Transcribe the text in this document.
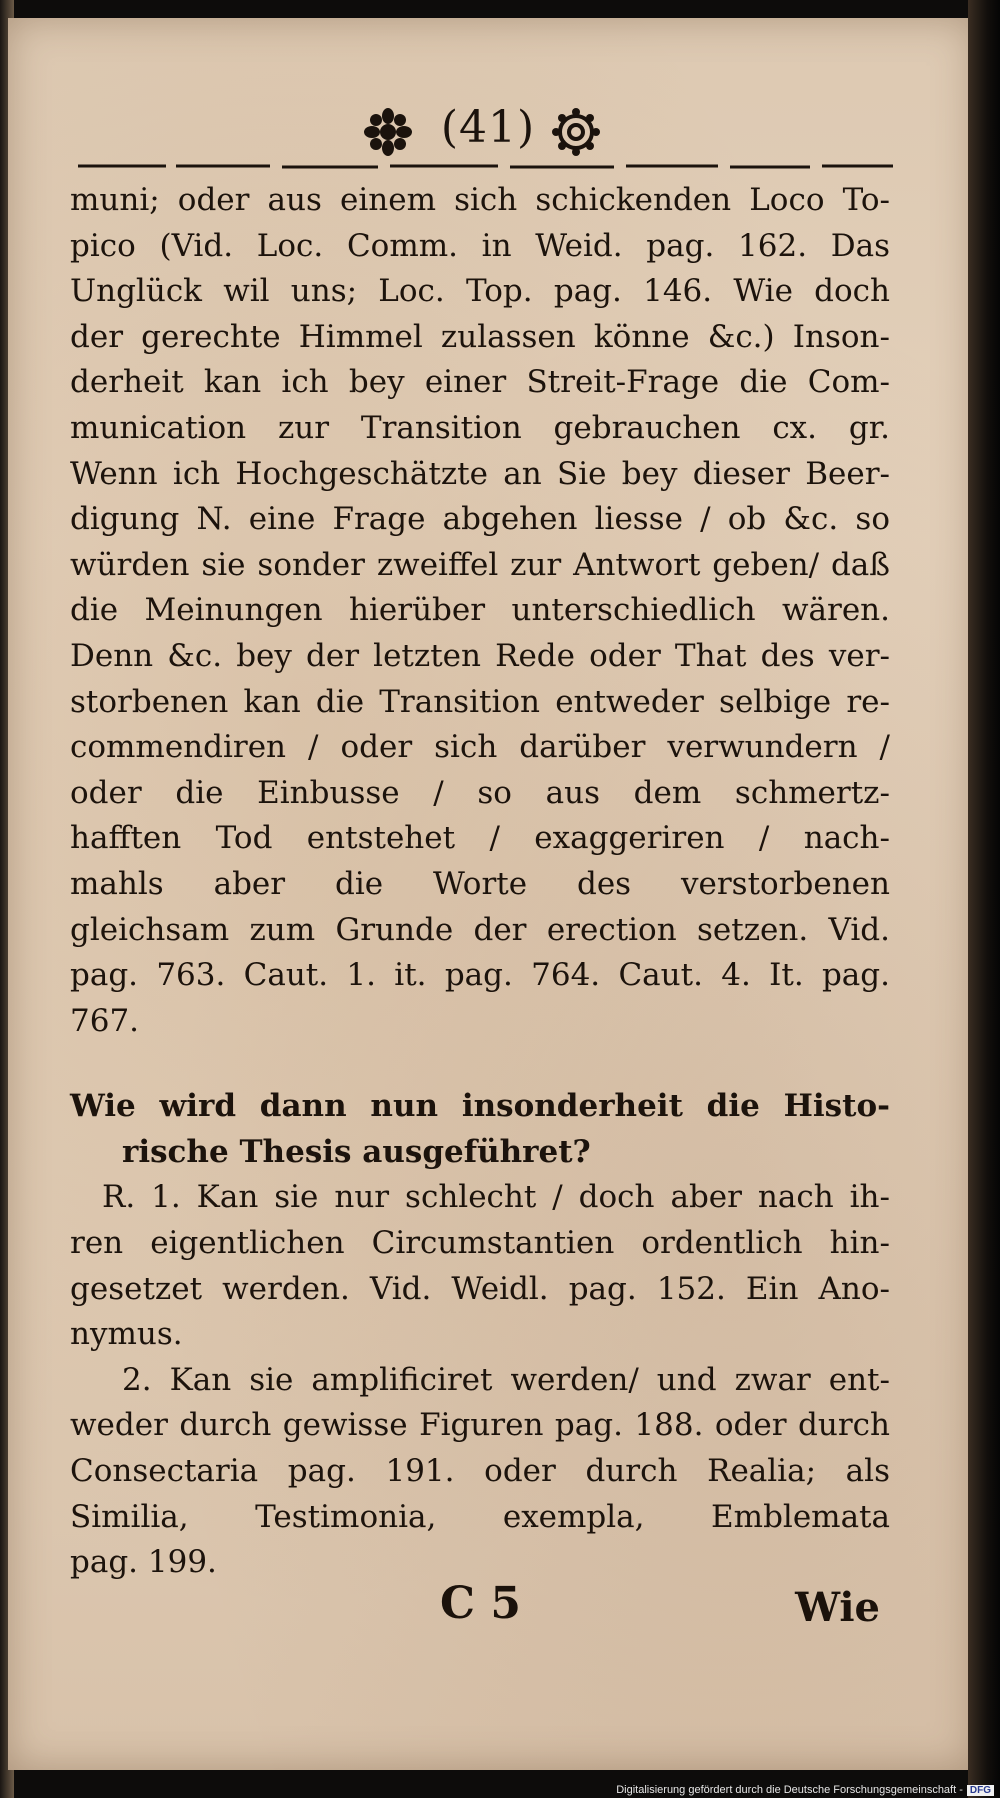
(41)
muni; oder aus einem sich schickenden Loco To-
pico (Vid. Loc. Comm. in Weid. pag. 162. Das
Unglück wil uns; Loc. Top. pag. 146. Wie doch
der gerechte Himmel zulassen könne &c.) Inson-
derheit kan ich bey einer Streit-Frage die Com-
munication zur Transition gebrauchen cx. gr.
Wenn ich Hochgeschätzte an Sie bey dieser Beer-
digung N. eine Frage abgehen liesse / ob &c. so
würden sie sonder zweiffel zur Antwort geben/ daß
die Meinungen hierüber unterschiedlich wären.
Denn &c. bey der letzten Rede oder That des ver-
storbenen kan die Transition entweder selbige re-
commendiren / oder sich darüber verwundern /
oder die Einbusse / so aus dem schmertz-
hafften Tod entstehet / exaggeriren / nach-
mahls aber die Worte des verstorbenen
gleichsam zum Grunde der erection setzen. Vid.
pag. 763. Caut. 1. it. pag. 764. Caut. 4. It. pag.
767.
Wie wird dann nun insonderheit die Histo-
rische Thesis ausgeführet?
R. 1. Kan sie nur schlecht / doch aber nach ih-
ren eigentlichen Circumstantien ordentlich hin-
gesetzet werden. Vid. Weidl. pag. 152. Ein Ano-
nymus.
2. Kan sie amplificiret werden/ und zwar ent-
weder durch gewisse Figuren pag. 188. oder durch
Consectaria pag. 191. oder durch Realia; als
Similia, Testimonia, exempla, Emblemata
pag. 199.
C 5	Wie
Digitalisierung gefördert durch die Deutsche Forschungsgemeinschaft - DFG
